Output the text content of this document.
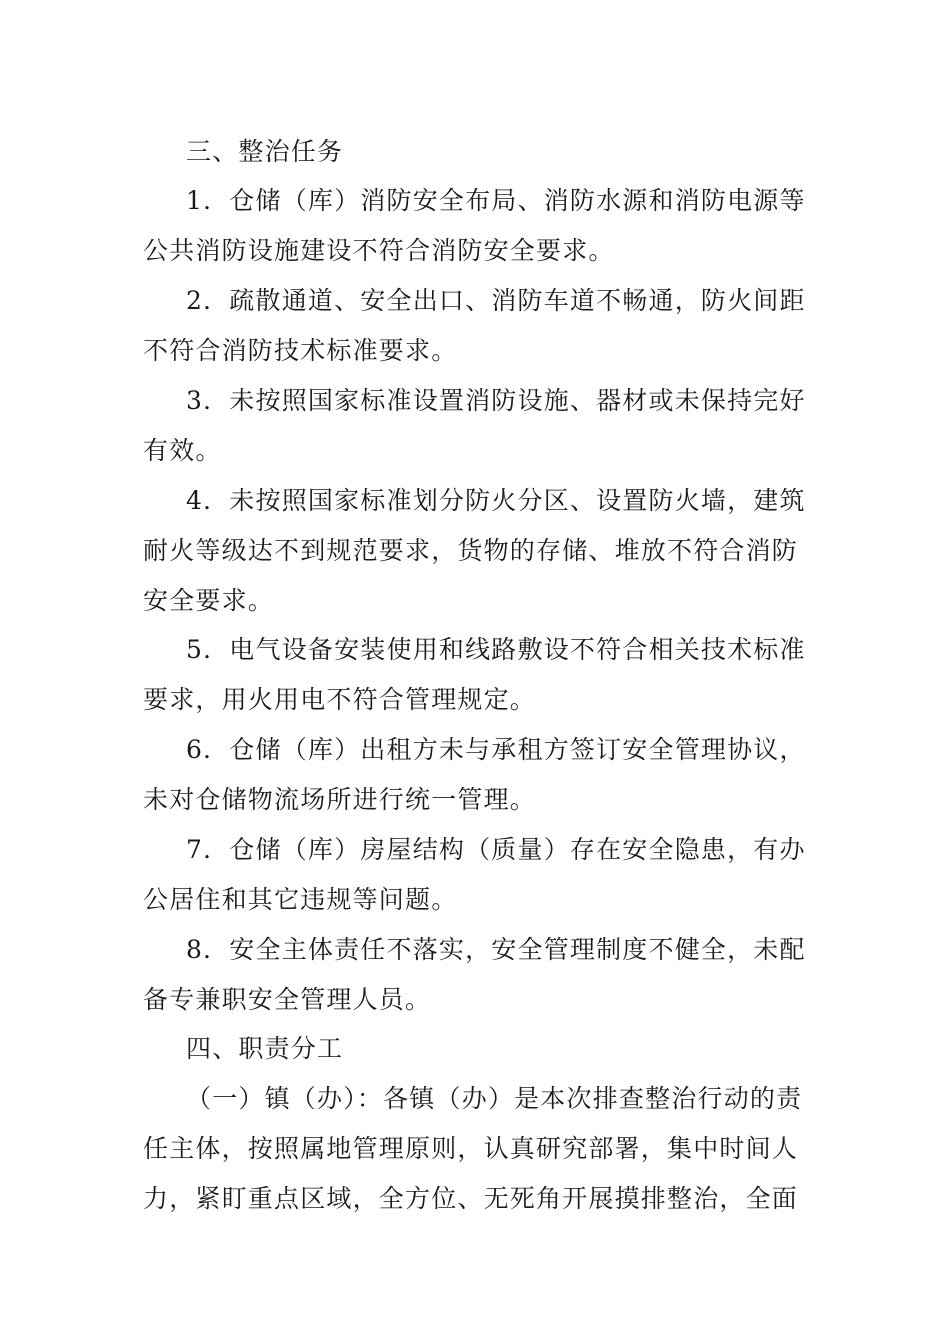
三、整治任务
1．仓储（库）消防安全布局、消防水源和消防电源等
公共消防设施建设不符合消防安全要求。
2．疏散通道、安全出口、消防车道不畅通，防火间距
不符合消防技术标准要求。
3．未按照国家标准设置消防设施、器材或未保持完好
有效。
4．未按照国家标准划分防火分区、设置防火墙，建筑
耐火等级达不到规范要求，货物的存储、堆放不符合消防
安全要求。
5．电气设备安装使用和线路敷设不符合相关技术标准
要求，用火用电不符合管理规定。
6．仓储（库）出租方未与承租方签订安全管理协议，
未对仓储物流场所进行统一管理。
7．仓储（库）房屋结构（质量）存在安全隐患，有办
公居住和其它违规等问题。
8．安全主体责任不落实，安全管理制度不健全，未配
备专兼职安全管理人员。
四、职责分工
（一）镇（办）：各镇（办）是本次排查整治行动的责
任主体，按照属地管理原则，认真研究部署，集中时间人
力，紧盯重点区域，全方位、无死角开展摸排整治，全面
